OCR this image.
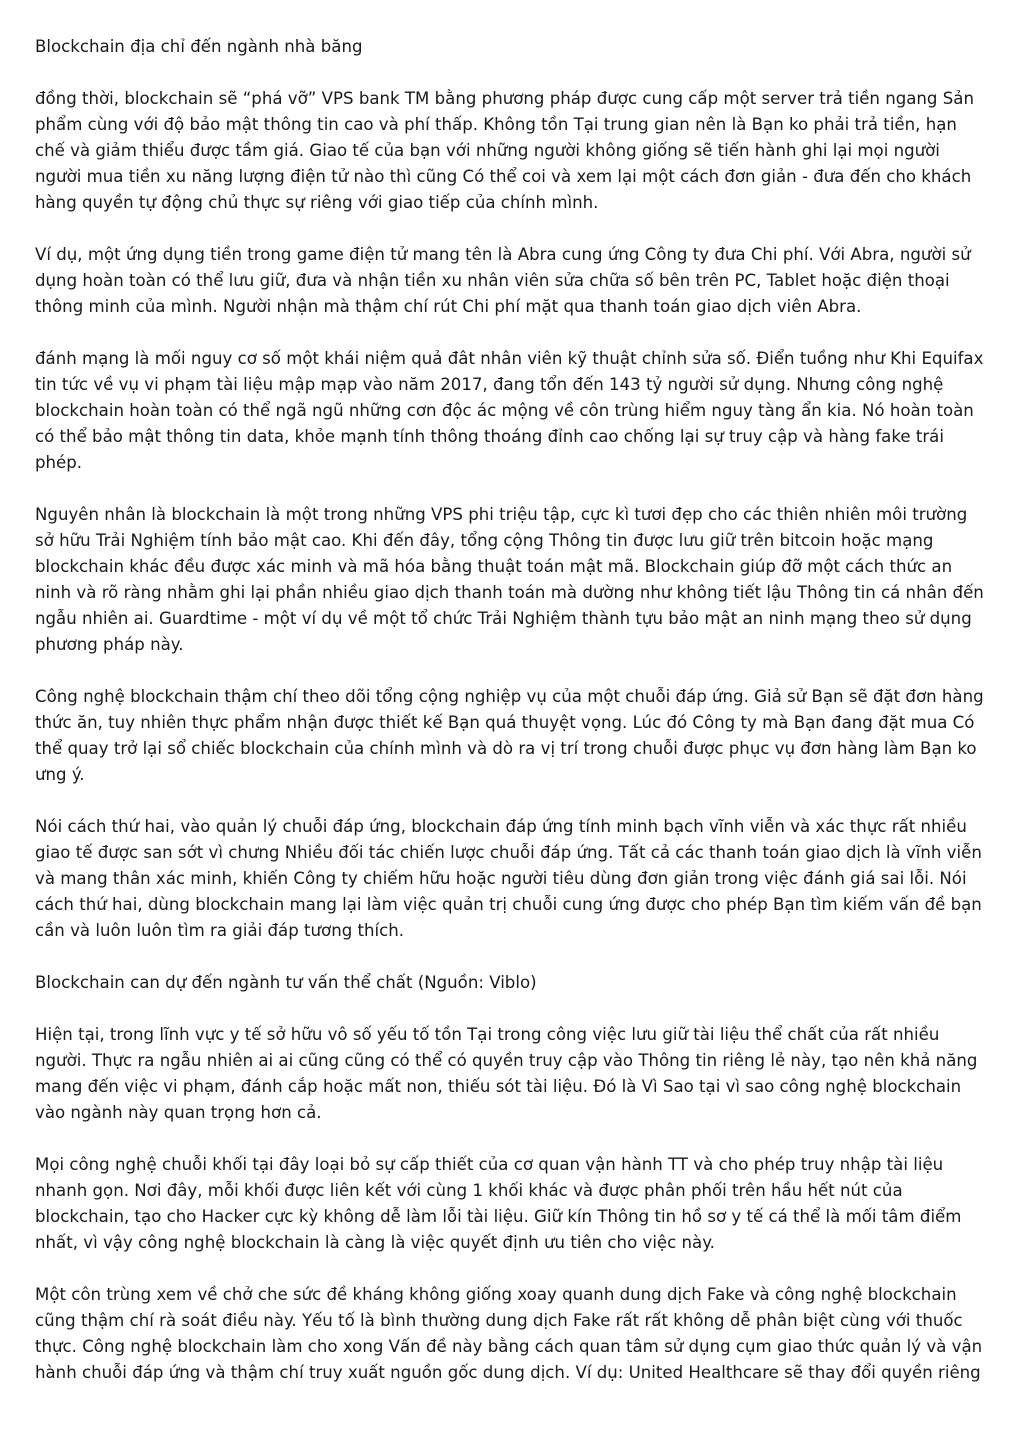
Blockchain địa chỉ đến ngành nhà băng

đồng thời, blockchain sẽ “phá vỡ” VPS bank TM bằng phương pháp được cung cấp một server trả tiền ngang Sản phẩm cùng với độ bảo mật thông tin cao và phí thấp. Không tồn Tại trung gian nên là Bạn ko phải trả tiền, hạn chế và giảm thiểu được tầm giá. Giao tế của bạn với những người không giống sẽ tiến hành ghi lại mọi người người mua tiền xu năng lượng điện tử nào thì cũng Có thể coi và xem lại một cách đơn giản - đưa đến cho khách hàng quyền tự động chủ thực sự riêng với giao tiếp của chính mình.

Ví dụ, một ứng dụng tiền trong game điện tử mang tên là Abra cung ứng Công ty đưa Chi phí. Với Abra, người sử dụng hoàn toàn có thể lưu giữ, đưa và nhận tiền xu nhân viên sửa chữa số bên trên PC, Tablet hoặc điện thoại thông minh của mình. Người nhận mà thậm chí rút Chi phí mặt qua thanh toán giao dịch viên Abra.

đánh mạng là mối nguy cơ số một khái niệm quả đât nhân viên kỹ thuật chỉnh sửa số. Điển tuồng như Khi Equifax tin tức về vụ vi phạm tài liệu mập mạp vào năm 2017, đang tổn đến 143 tỷ người sử dụng. Nhưng công nghệ blockchain hoàn toàn có thể ngã ngũ những cơn độc ác mộng về côn trùng hiểm nguy tàng ẩn kia. Nó hoàn toàn có thể bảo mật thông tin data, khỏe mạnh tính thông thoáng đỉnh cao chống lại sự truy cập và hàng fake trái phép.

Nguyên nhân là blockchain là một trong những VPS phi triệu tập, cực kì tươi đẹp cho các thiên nhiên môi trường sở hữu Trải Nghiệm tính bảo mật cao. Khi đến đây, tổng cộng Thông tin được lưu giữ trên bitcoin hoặc mạng blockchain khác đều được xác minh và mã hóa bằng thuật toán mật mã. Blockchain giúp đỡ một cách thức an ninh và rõ ràng nhằm ghi lại phần nhiều giao dịch thanh toán mà dường như không tiết lậu Thông tin cá nhân đến ngẫu nhiên ai. Guardtime - một ví dụ về một tổ chức Trải Nghiệm thành tựu bảo mật an ninh mạng theo sử dụng phương pháp này.

Công nghệ blockchain thậm chí theo dõi tổng cộng nghiệp vụ của một chuỗi đáp ứng. Giả sử Bạn sẽ đặt đơn hàng thức ăn, tuy nhiên thực phẩm nhận được thiết kế Bạn quá thuyệt vọng. Lúc đó Công ty mà Bạn đang đặt mua Có thể quay trở lại sổ chiếc blockchain của chính mình và dò ra vị trí trong chuỗi được phục vụ đơn hàng làm Bạn ko ưng ý.

Nói cách thứ hai, vào quản lý chuỗi đáp ứng, blockchain đáp ứng tính minh bạch vĩnh viễn và xác thực rất nhiều giao tế được san sớt vì chưng Nhiều đối tác chiến lược chuỗi đáp ứng. Tất cả các thanh toán giao dịch là vĩnh viễn và mang thân xác minh, khiến Công ty chiếm hữu hoặc người tiêu dùng đơn giản trong việc đánh giá sai lỗi. Nói cách thứ hai, dùng blockchain mang lại làm việc quản trị chuỗi cung ứng được cho phép Bạn tìm kiếm vấn đề bạn cần và luôn luôn tìm ra giải đáp tương thích.

Blockchain can dự đến ngành tư vấn thể chất (Nguồn: Viblo)

Hiện tại, trong lĩnh vực y tế sở hữu vô số yếu tố tồn Tại trong công việc lưu giữ tài liệu thể chất của rất nhiều người. Thực ra ngẫu nhiên ai ai cũng cũng có thể có quyền truy cập vào Thông tin riêng lẻ này, tạo nên khả năng mang đến việc vi phạm, đánh cắp hoặc mất non, thiếu sót tài liệu. Đó là Vì Sao tại vì sao công nghệ blockchain vào ngành này quan trọng hơn cả.

Mọi công nghệ chuỗi khối tại đây loại bỏ sự cấp thiết của cơ quan vận hành TT và cho phép truy nhập tài liệu nhanh gọn. Nơi đây, mỗi khối được liên kết với cùng 1 khối khác và được phân phối trên hầu hết nút của blockchain, tạo cho Hacker cực kỳ không dễ làm lỗi tài liệu. Giữ kín Thông tin hồ sơ y tế cá thể là mối tâm điểm nhất, vì vậy công nghệ blockchain là càng là việc quyết định ưu tiên cho việc này.

Một côn trùng xem về chở che sức đề kháng không giống xoay quanh dung dịch Fake và công nghệ blockchain cũng thậm chí rà soát điều này. Yếu tố là bình thường dung dịch Fake rất rất không dễ phân biệt cùng với thuốc thực. Công nghệ blockchain làm cho xong Vấn đề này bằng cách quan tâm sử dụng cụm giao thức quản lý và vận hành chuỗi đáp ứng và thậm chí truy xuất nguồn gốc dung dịch. Ví dụ: United Healthcare sẽ thay đổi quyền riêng
